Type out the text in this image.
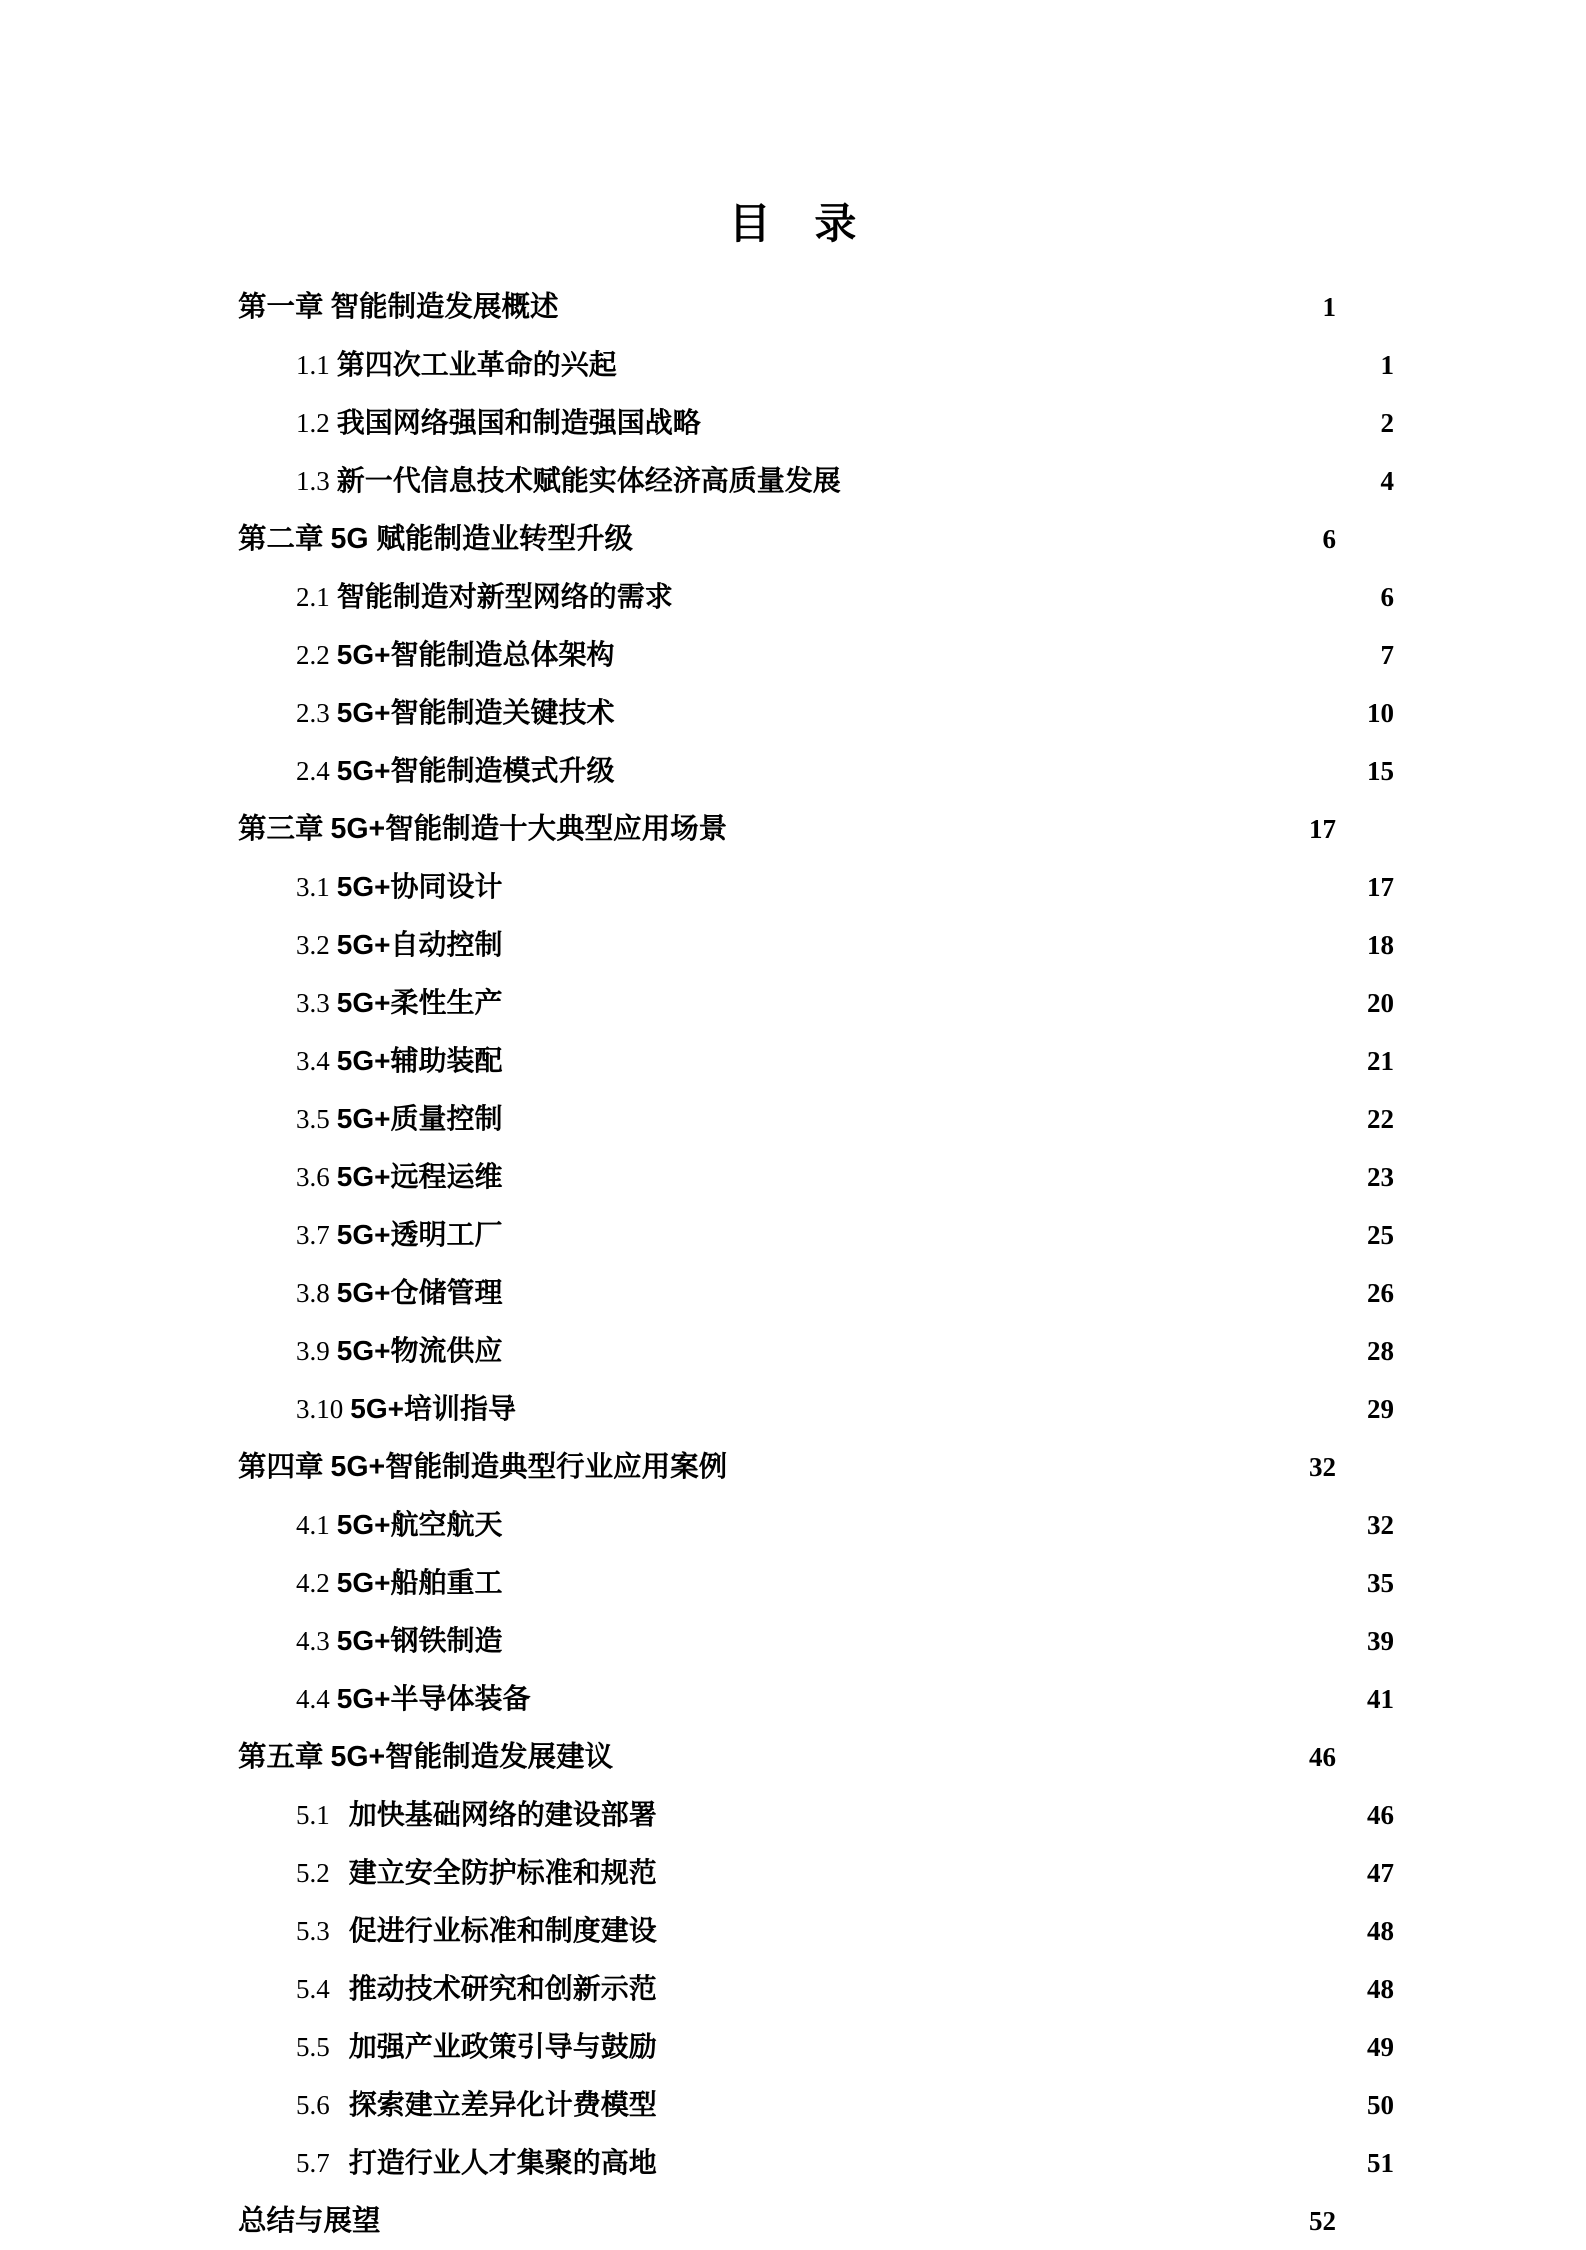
目　录
第一章 智能制造发展概述 .....	1
1.1 第四次工业革命的兴起 .....	1
1.2 我国网络强国和制造强国战略 .....	2
1.3 新一代信息技术赋能实体经济高质量发展 .....	4
第二章 5G 赋能制造业转型升级 .....	6
2.1 智能制造对新型网络的需求 .....	6
2.2 5G+智能制造总体架构 .....	7
2.3 5G+智能制造关键技术 .....	10
2.4 5G+智能制造模式升级 .....	15
第三章 5G+智能制造十大典型应用场景 .....	17
3.1 5G+协同设计 .....	17
3.2 5G+自动控制 .....	18
3.3 5G+柔性生产 .....	20
3.4 5G+辅助装配 .....	21
3.5 5G+质量控制 .....	22
3.6 5G+远程运维 .....	23
3.7 5G+透明工厂 .....	25
3.8 5G+仓储管理 .....	26
3.9 5G+物流供应 .....	28
3.10 5G+培训指导 .....	29
第四章 5G+智能制造典型行业应用案例 .....	32
4.1 5G+航空航天 .....	32
4.2 5G+船舶重工 .....	35
4.3 5G+钢铁制造 .....	39
4.4 5G+半导体装备 .....	41
第五章 5G+智能制造发展建议 .....	46
5.1 加快基础网络的建设部署 .....	46
5.2 建立安全防护标准和规范 .....	47
5.3 促进行业标准和制度建设 .....	48
5.4 推动技术研究和创新示范 .....	48
5.5 加强产业政策引导与鼓励 .....	49
5.6 探索建立差异化计费模型 .....	50
5.7 打造行业人才集聚的高地 .....	51
总结与展望 .....	52
